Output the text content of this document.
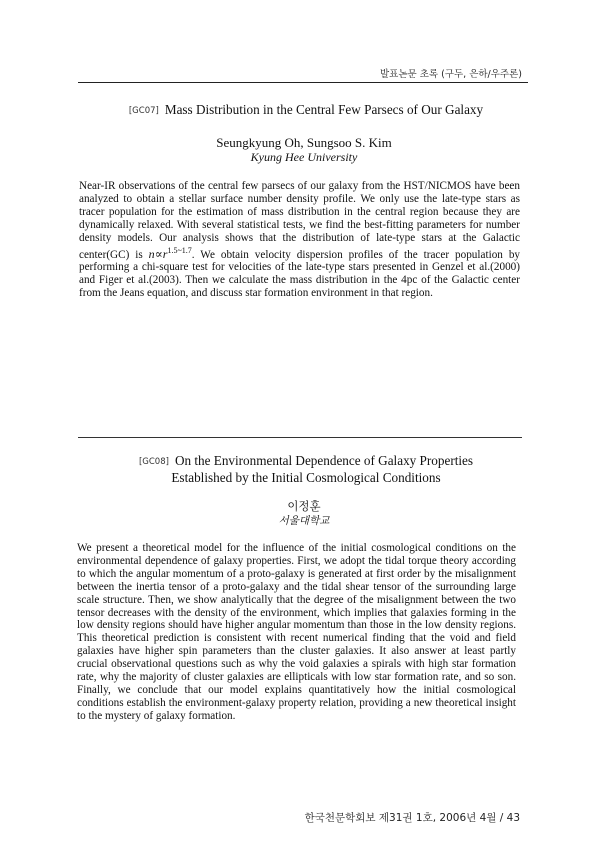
발표논문 초록 (구두, 은하/우주론)
[GC07] Mass Distribution in the Central Few Parsecs of Our Galaxy
Seungkyung Oh, Sungsoo S. Kim
Kyung Hee University
Near-IR observations of the central few parsecs of our galaxy from the HST/NICMOS have been analyzed to obtain a stellar surface number density profile. We only use the late-type stars as tracer population for the estimation of mass distribution in the central region because they are dynamically relaxed. With several statistical tests, we find the best-fitting parameters for number density models. Our analysis shows that the distribution of late-type stars at the Galactic center(GC) is $n\propto r^{1.5\sim 1.7}$. We obtain velocity dispersion profiles of the tracer population by performing a chi-square test for velocities of the late-type stars presented in Genzel et al.(2000) and Figer et al.(2003). Then we calculate the mass distribution in the 4pc of the Galactic center from the Jeans equation, and discuss star formation environment in that region.
[GC08] On the Environmental Dependence of Galaxy Properties
Established by the Initial Cosmological Conditions
이정훈
서울대학교
We present a theoretical model for the influence of the initial cosmological conditions on the environmental dependence of galaxy properties. First, we adopt the tidal torque theory according to which the angular momentum of a proto-galaxy is generated at first order by the misalignment between the inertia tensor of a proto-galaxy and the tidal shear tensor of the surrounding large scale structure. Then, we show analytically that the degree of the misalignment between the two tensor decreases with the density of the environment, which implies that galaxies forming in the low density regions should have higher angular momentum than those in the low density regions. This theoretical prediction is consistent with recent numerical finding that the void and field galaxies have higher spin parameters than the cluster galaxies. It also answer at least partly crucial observational questions such as why the void galaxies a spirals with high star formation rate, why the majority of cluster galaxies are ellipticals with low star formation rate, and so son. Finally, we conclude that our model explains quantitatively how the initial cosmological conditions establish the environment-galaxy property relation, providing a new theoretical insight to the mystery of galaxy formation.
한국천문학회보 제31권 1호, 2006년 4월 / 43
